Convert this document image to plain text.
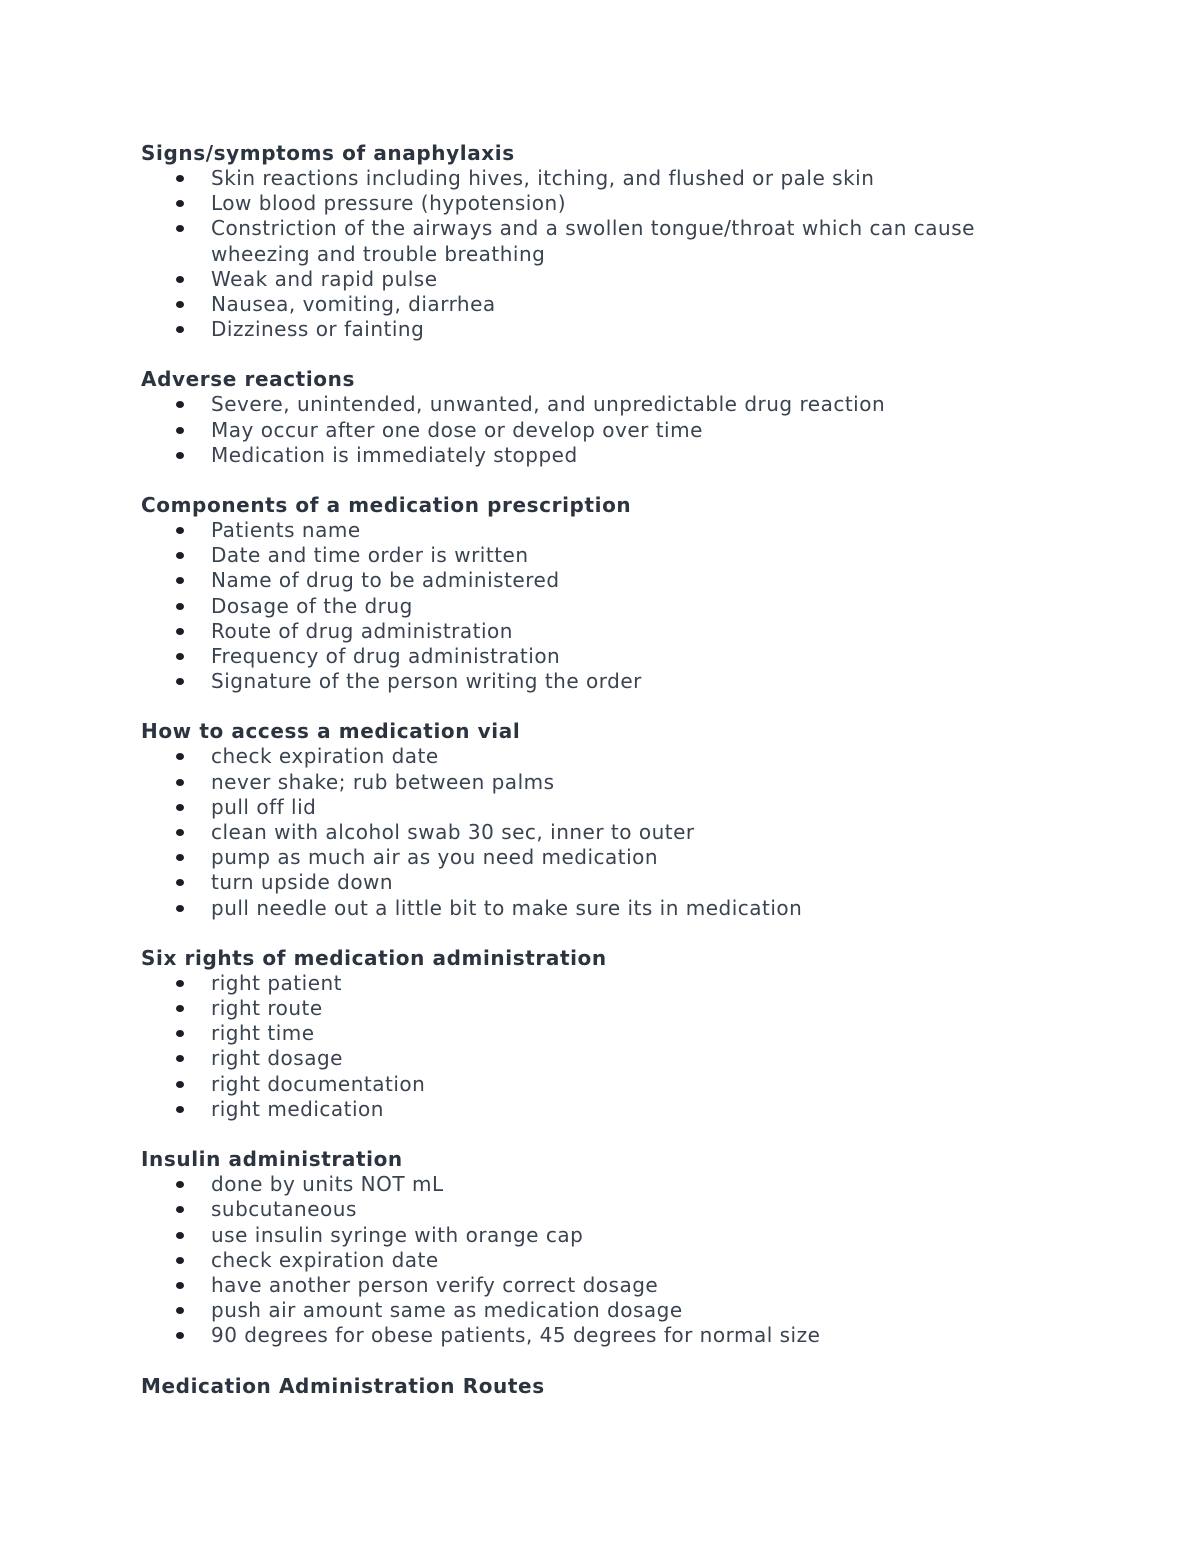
Signs/symptoms of anaphylaxis
Skin reactions including hives, itching, and flushed or pale skin
Low blood pressure (hypotension)
Constriction of the airways and a swollen tongue/throat which can cause wheezing and trouble breathing
Weak and rapid pulse
Nausea, vomiting, diarrhea
Dizziness or fainting
Adverse reactions
Severe, unintended, unwanted, and unpredictable drug reaction
May occur after one dose or develop over time
Medication is immediately stopped
Components of a medication prescription
Patients name
Date and time order is written
Name of drug to be administered
Dosage of the drug
Route of drug administration
Frequency of drug administration
Signature of the person writing the order
How to access a medication vial
check expiration date
never shake; rub between palms
pull off lid
clean with alcohol swab 30 sec, inner to outer
pump as much air as you need medication
turn upside down
pull needle out a little bit to make sure its in medication
Six rights of medication administration
right patient
right route
right time
right dosage
right documentation
right medication
Insulin administration
done by units NOT mL
subcutaneous
use insulin syringe with orange cap
check expiration date
have another person verify correct dosage
push air amount same as medication dosage
90 degrees for obese patients, 45 degrees for normal size
Medication Administration Routes
